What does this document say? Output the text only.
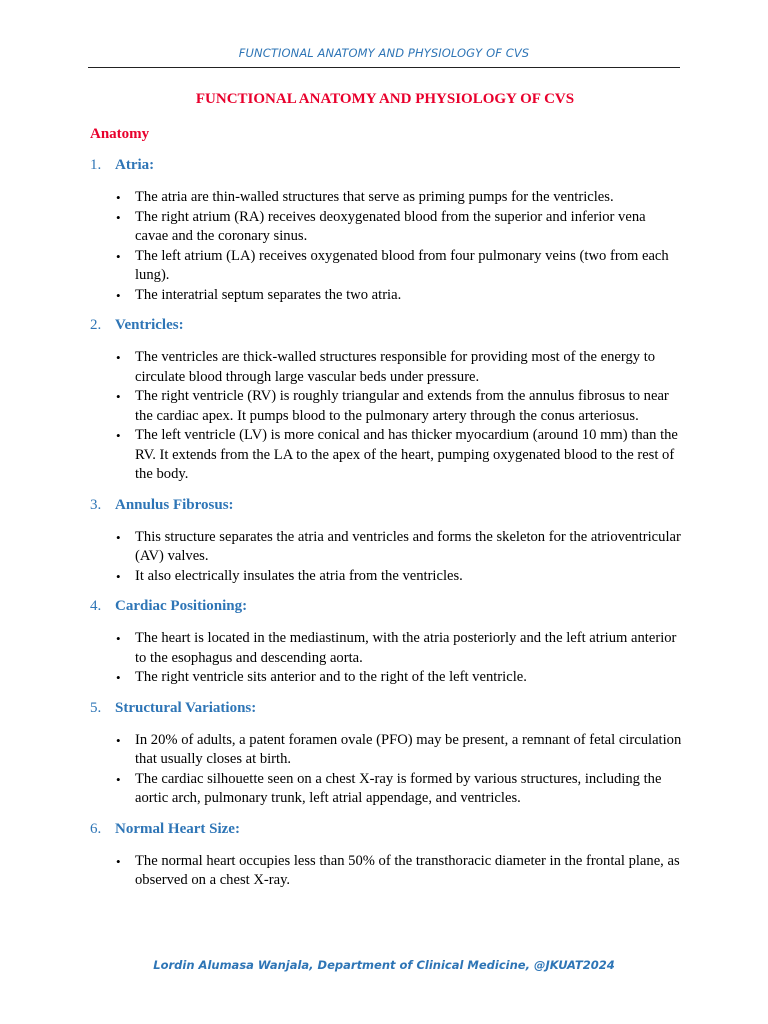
FUNCTIONAL ANATOMY AND PHYSIOLOGY OF CVS
FUNCTIONAL ANATOMY AND PHYSIOLOGY OF CVS
Anatomy
1. Atria:
• The atria are thin-walled structures that serve as priming pumps for the ventricles.
• The right atrium (RA) receives deoxygenated blood from the superior and inferior vena cavae and the coronary sinus.
• The left atrium (LA) receives oxygenated blood from four pulmonary veins (two from each lung).
• The interatrial septum separates the two atria.
2. Ventricles:
• The ventricles are thick-walled structures responsible for providing most of the energy to circulate blood through large vascular beds under pressure.
• The right ventricle (RV) is roughly triangular and extends from the annulus fibrosus to near the cardiac apex. It pumps blood to the pulmonary artery through the conus arteriosus.
• The left ventricle (LV) is more conical and has thicker myocardium (around 10 mm) than the RV. It extends from the LA to the apex of the heart, pumping oxygenated blood to the rest of the body.
3. Annulus Fibrosus:
• This structure separates the atria and ventricles and forms the skeleton for the atrioventricular (AV) valves.
• It also electrically insulates the atria from the ventricles.
4. Cardiac Positioning:
• The heart is located in the mediastinum, with the atria posteriorly and the left atrium anterior to the esophagus and descending aorta.
• The right ventricle sits anterior and to the right of the left ventricle.
5. Structural Variations:
• In 20% of adults, a patent foramen ovale (PFO) may be present, a remnant of fetal circulation that usually closes at birth.
• The cardiac silhouette seen on a chest X-ray is formed by various structures, including the aortic arch, pulmonary trunk, left atrial appendage, and ventricles.
6. Normal Heart Size:
• The normal heart occupies less than 50% of the transthoracic diameter in the frontal plane, as observed on a chest X-ray.
Lordin Alumasa Wanjala, Department of Clinical Medicine, @JKUAT2024
